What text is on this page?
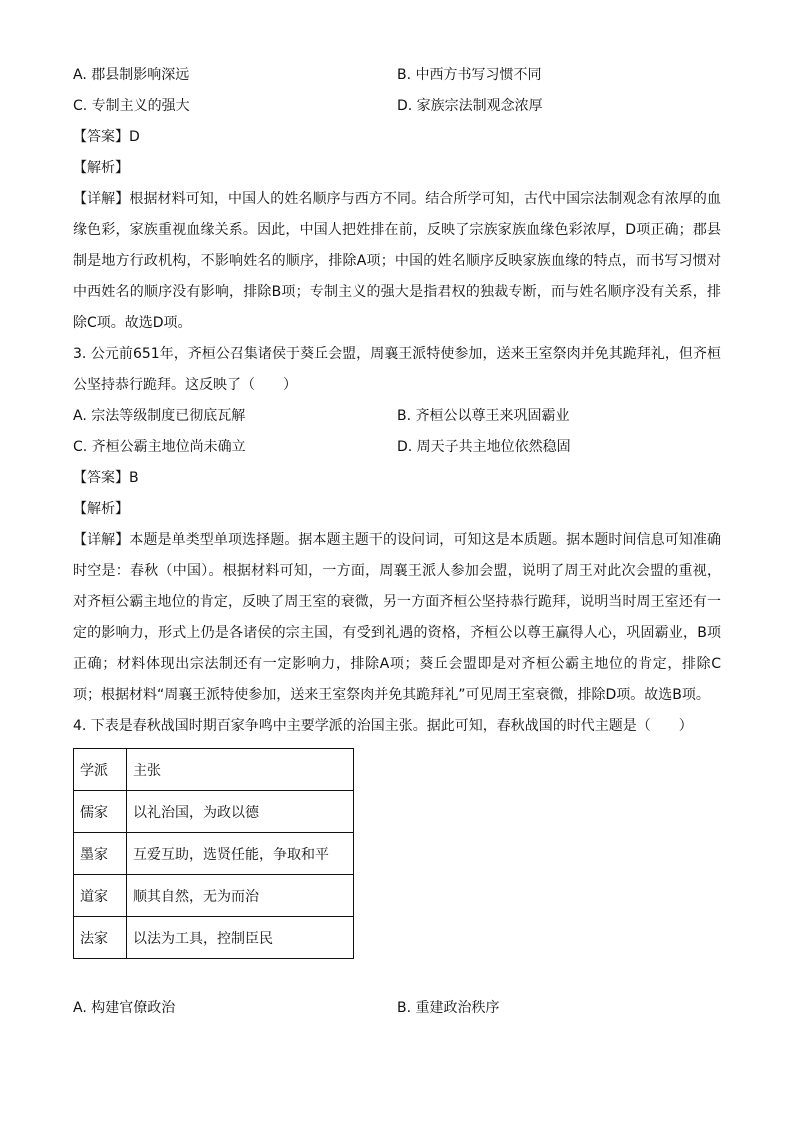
A. 郡县制影响深远	B. 中西方书写习惯不同
C. 专制主义的强大	D. 家族宗法制观念浓厚
【答案】D
【解析】
【详解】根据材料可知，中国人的姓名顺序与西方不同。结合所学可知，古代中国宗法制观念有浓厚的血缘色彩，家族重视血缘关系。因此，中国人把姓排在前，反映了宗族家族血缘色彩浓厚，D项正确；郡县制是地方行政机构，不影响姓名的顺序，排除A项；中国的姓名顺序反映家族血缘的特点，而书写习惯对中西姓名的顺序没有影响，排除B项；专制主义的强大是指君权的独裁专断，而与姓名顺序没有关系，排除C项。故选D项。
3. 公元前651年，齐桓公召集诸侯于葵丘会盟，周襄王派特使参加，送来王室祭肉并免其跪拜礼，但齐桓公坚持恭行跪拜。这反映了（　　）
A. 宗法等级制度已彻底瓦解	B. 齐桓公以尊王来巩固霸业
C. 齐桓公霸主地位尚未确立	D. 周天子共主地位依然稳固
【答案】B
【解析】
【详解】本题是单类型单项选择题。据本题主题干的设问词，可知这是本质题。据本题时间信息可知准确时空是：春秋（中国）。根据材料可知，一方面，周襄王派人参加会盟，说明了周王对此次会盟的重视，对齐桓公霸主地位的肯定，反映了周王室的衰微，另一方面齐桓公坚持恭行跪拜，说明当时周王室还有一定的影响力，形式上仍是各诸侯的宗主国，有受到礼遇的资格，齐桓公以尊王赢得人心，巩固霸业，B项正确；材料体现出宗法制还有一定影响力，排除A项；葵丘会盟即是对齐桓公霸主地位的肯定，排除C项；根据材料“周襄王派特使参加，送来王室祭肉并免其跪拜礼”可见周王室衰微，排除D项。故选B项。
4. 下表是春秋战国时期百家争鸣中主要学派的治国主张。据此可知，春秋战国的时代主题是（　　）
学派	主张
儒家	以礼治国，为政以德
墨家	互爱互助，选贤任能，争取和平
道家	顺其自然，无为而治
法家	以法为工具，控制臣民
A. 构建官僚政治	B. 重建政治秩序
